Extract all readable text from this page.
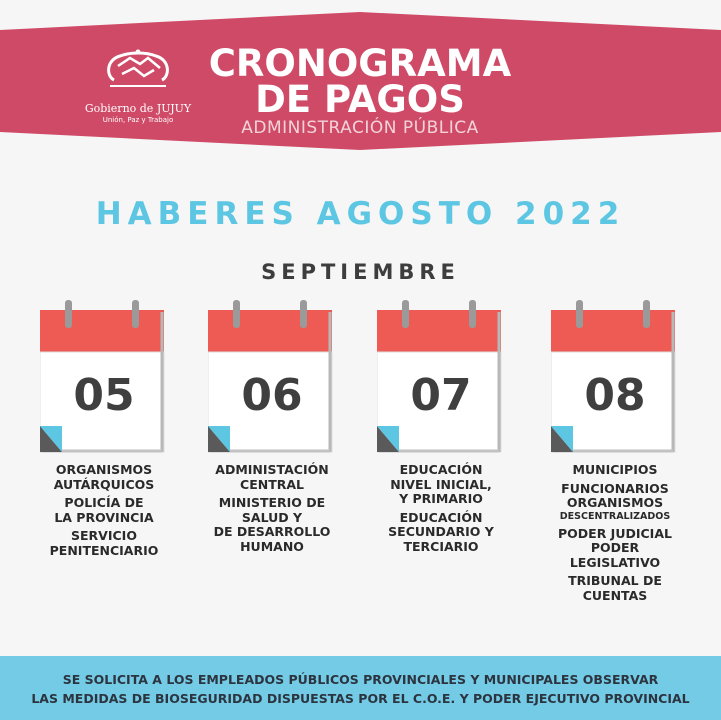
Gobierno de JUJUY
Unión, Paz y Trabajo
CRONOGRAMA
DE PAGOS
ADMINISTRACIÓN PÚBLICA
HABERES AGOSTO 2022
SEPTIEMBRE
05
ORGANISMOS
AUTÁRQUICOS
POLICÍA DE
LA PROVINCIA
SERVICIO
PENITENCIARIO
06
ADMINISTACIÓN
CENTRAL
MINISTERIO DE
SALUD Y
DE DESARROLLO
HUMANO
07
EDUCACIÓN
NIVEL INICIAL,
Y PRIMARIO
EDUCACIÓN
SECUNDARIO Y
TERCIARIO
08
MUNICIPIOS
FUNCIONARIOS
ORGANISMOS
DESCENTRALIZADOS
PODER JUDICIAL
PODER
LEGISLATIVO
TRIBUNAL DE
CUENTAS
SE SOLICITA A LOS EMPLEADOS PÚBLICOS PROVINCIALES Y MUNICIPALES OBSERVAR
LAS MEDIDAS DE BIOSEGURIDAD DISPUESTAS POR EL C.O.E. Y PODER EJECUTIVO PROVINCIAL
